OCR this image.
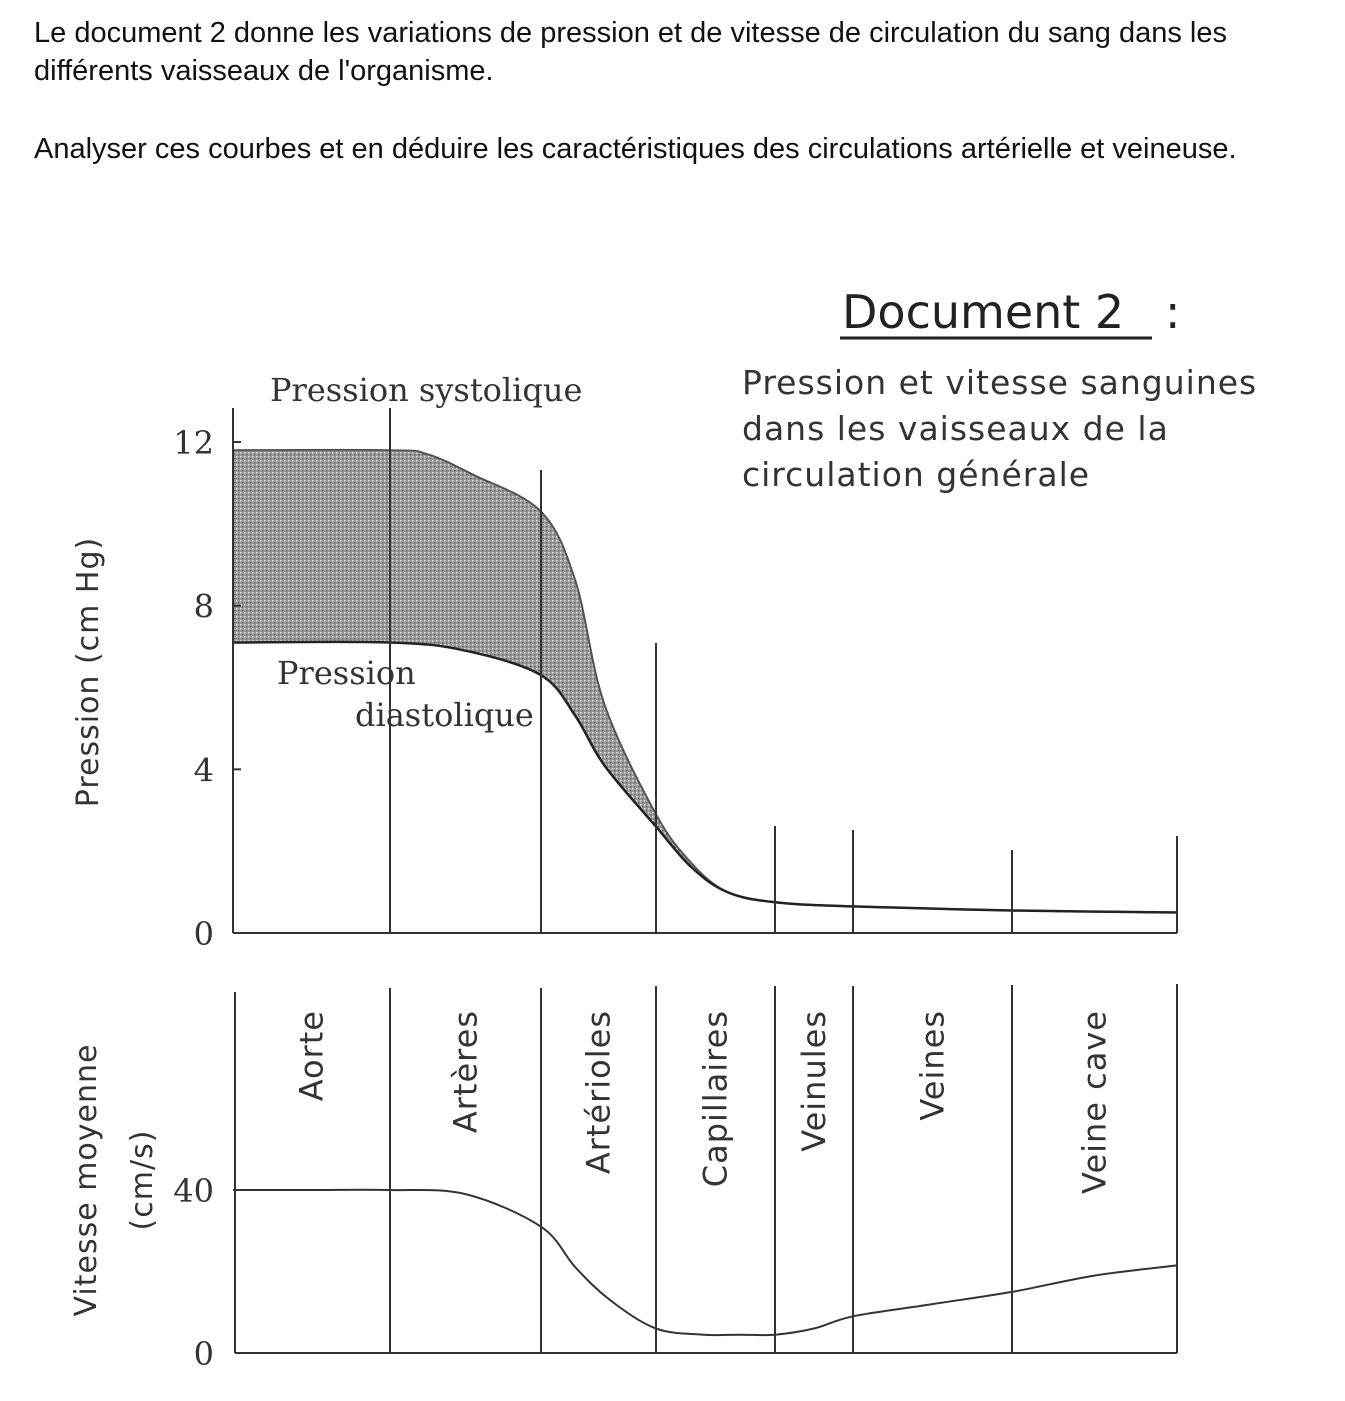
Le document 2 donne les variations de pression et de vitesse de circulation du sang dans les différents vaisseaux de l'organisme.

Analyser ces courbes et en déduire les caractéristiques des circulations artérielle et veineuse.

Document 2 :
Pression et vitesse sanguines
dans les vaisseaux de la
circulation générale
0
4
8
12
Pression (cm Hg)
Pression systolique
Pression
diastolique
0
40
Aorte	Artères	Artérioles Capillaires Veinules	Veines	Veine cave
Vitesse moyenne (cm/s)
